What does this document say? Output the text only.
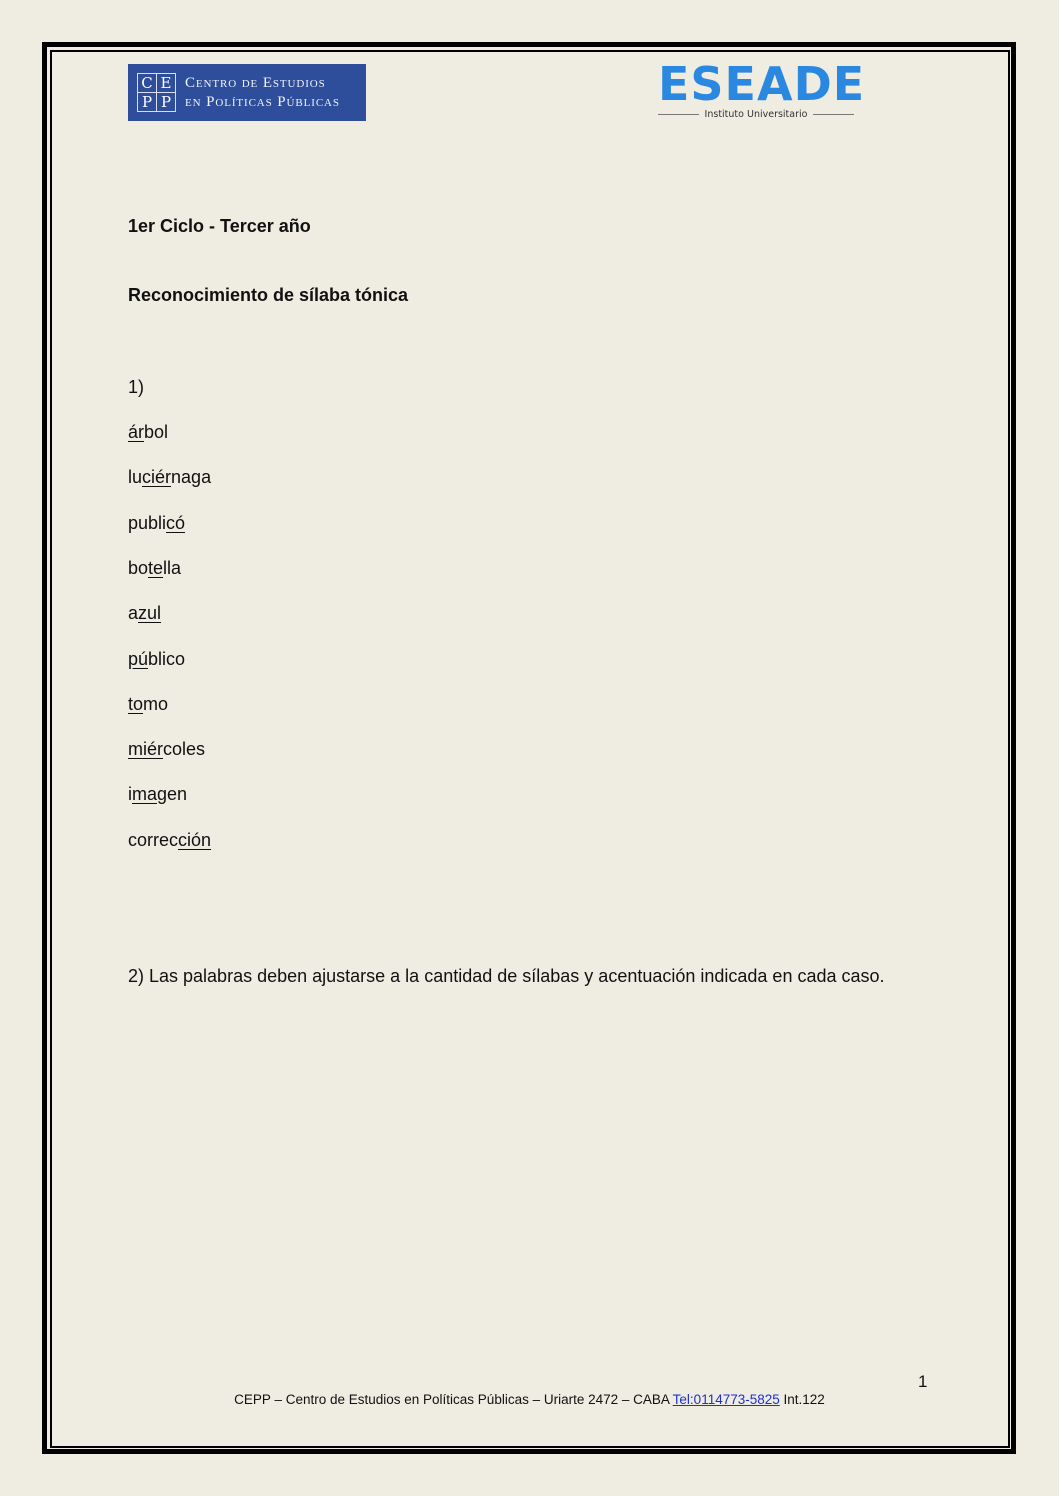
C E
P P
Centro de Estudios
en Políticas Públicas	ESEADE
Instituto Universitario
1er Ciclo - Tercer año
Reconocimiento de sílaba tónica
1)
árbol
luciérnaga
publicó
botella
azul
público
tomo
miércoles
imagen
corrección
2) Las palabras deben ajustarse a la cantidad de sílabas y acentuación indicada en cada caso.
1
CEPP – Centro de Estudios en Políticas Públicas – Uriarte 2472 – CABA Tel:0114773-5825 Int.122
